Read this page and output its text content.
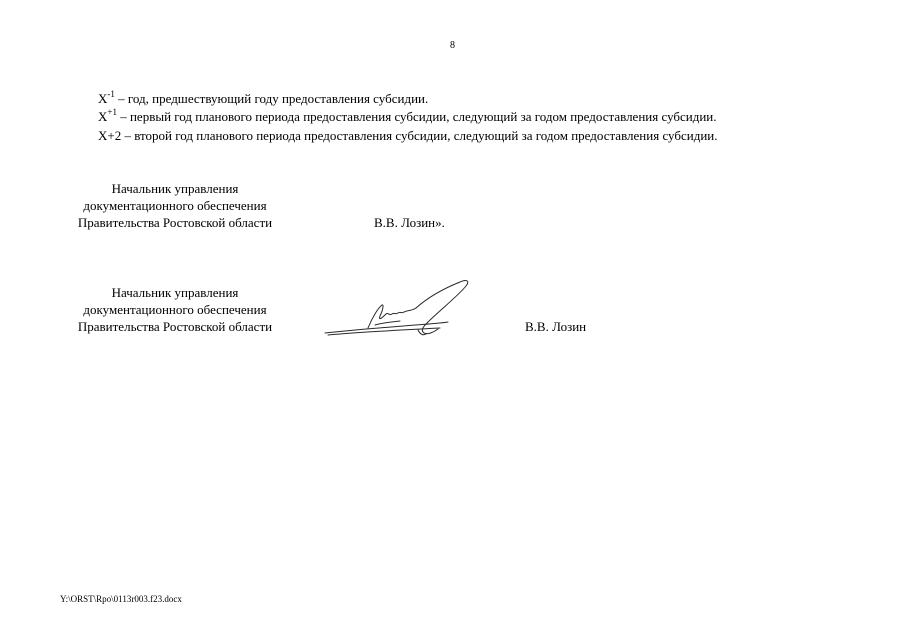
8
$X^{-1}$ – год, предшествующий году предоставления субсидии.
$X^{+1}$ – первый год планового периода предоставления субсидии, следующий за годом предоставления субсидии.
X+2 – второй год планового периода предоставления субсидии, следующий за годом предоставления субсидии.
Начальник управления
документационного обеспечения
Правительства Ростовской области	В.В. Лозин».
Начальник управления
документационного обеспечения
Правительства Ростовской области	В.В. Лозин
Y:\ORST\Rpo\0113r003.f23.docx
